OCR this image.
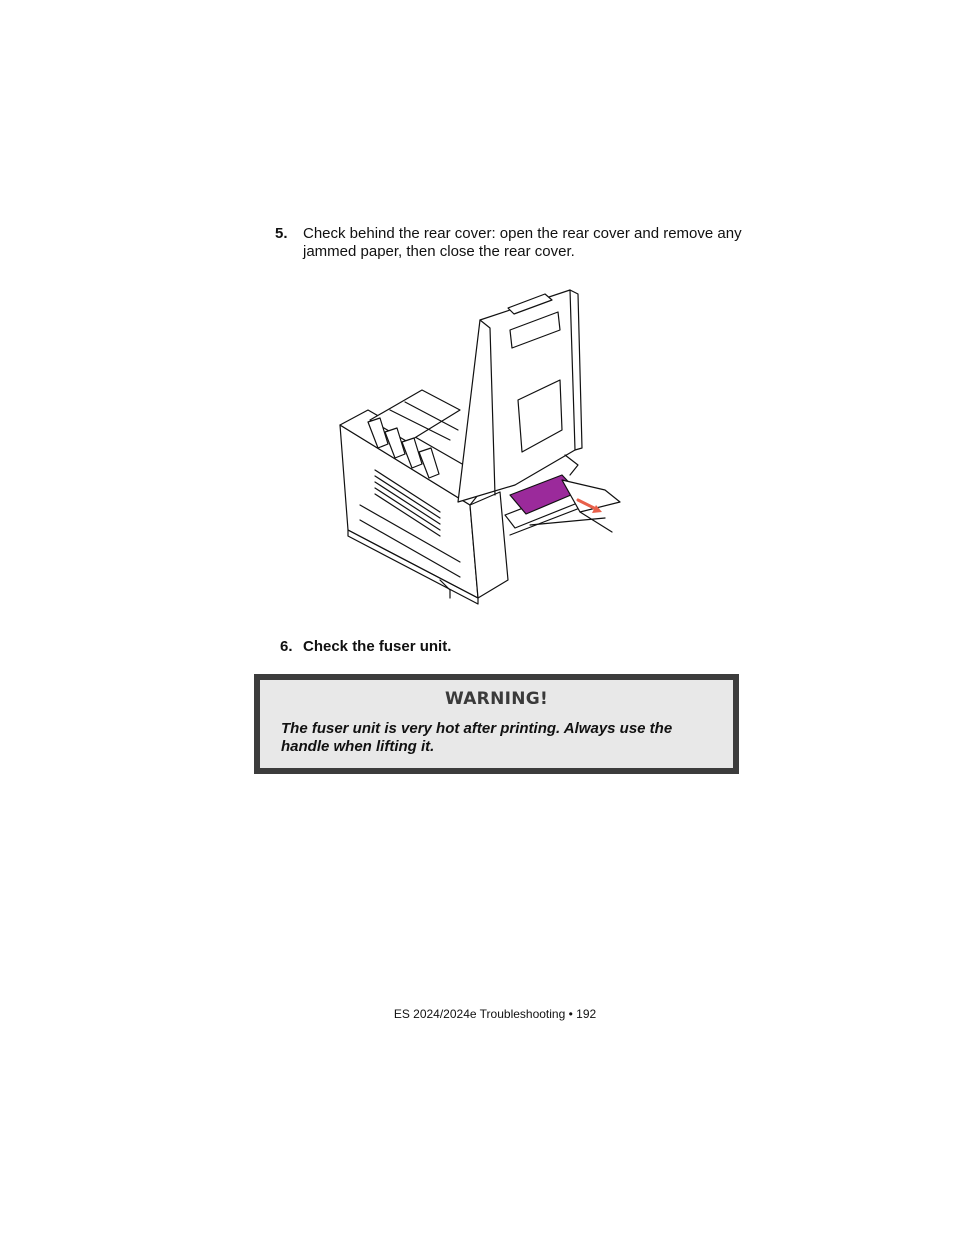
5. Check behind the rear cover: open the rear cover and remove any jammed paper, then close the rear cover.
6. Check the fuser unit.
WARNING!
The fuser unit is very hot after printing. Always use the handle when lifting it.
ES 2024/2024e Troubleshooting • 192
